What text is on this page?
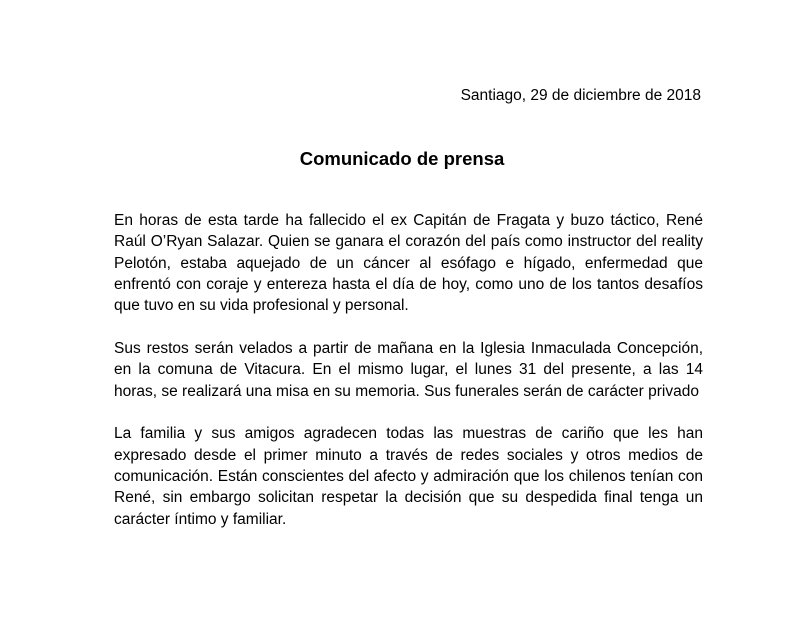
Santiago, 29 de diciembre de 2018
Comunicado de prensa

En horas de esta tarde ha fallecido el ex Capitán de Fragata y buzo táctico, René Raúl O’Ryan Salazar. Quien se ganara el corazón del país como instructor del reality Pelotón, estaba aquejado de un cáncer al esófago e hígado, enfermedad que enfrentó con coraje y entereza hasta el día de hoy, como uno de los tantos desafíos que tuvo en su vida profesional y personal.

Sus restos serán velados a partir de mañana en la Iglesia Inmaculada Concepción, en la comuna de Vitacura. En el mismo lugar, el lunes 31 del presente, a las 14 horas, se realizará una misa en su memoria. Sus funerales serán de carácter privado

La familia y sus amigos agradecen todas las muestras de cariño que les han expresado desde el primer minuto a través de redes sociales y otros medios de comunicación. Están conscientes del afecto y admiración que los chilenos tenían con René, sin embargo solicitan respetar la decisión que su despedida final tenga un carácter íntimo y familiar.
